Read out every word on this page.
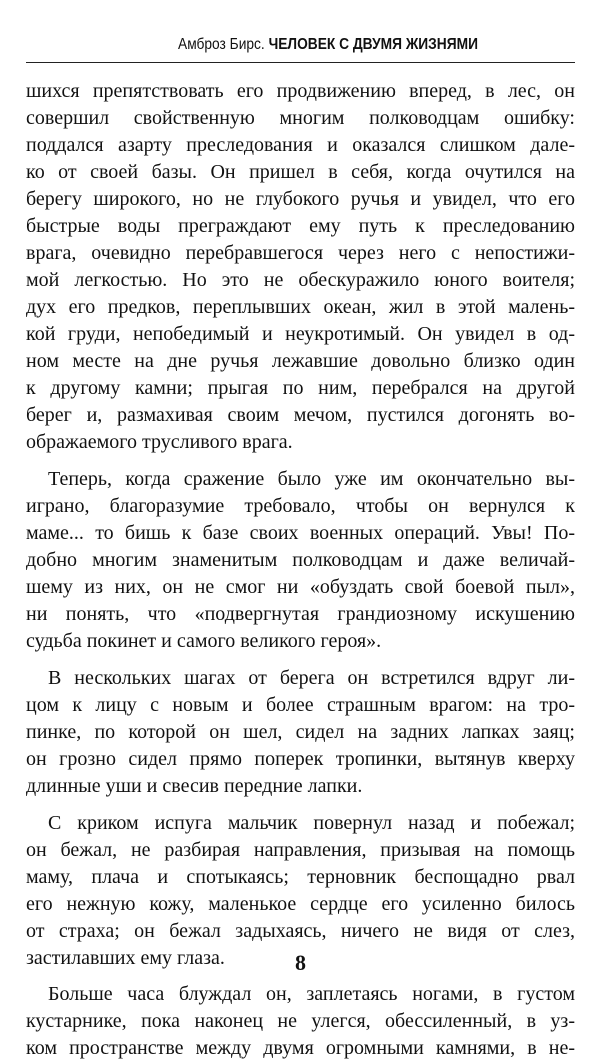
Амброз Бирс. ЧЕЛОВЕК С ДВУМЯ ЖИЗНЯМИ
шихся препятствовать его продвижению вперед, в лес, он
совершил свойственную многим полководцам ошибку:
поддался азарту преследования и оказался слишком дале-
ко от своей базы. Он пришел в себя, когда очутился на
берегу широкого, но не глубокого ручья и увидел, что его
быстрые воды преграждают ему путь к преследованию
врага, очевидно перебравшегося через него с непостижи-
мой легкостью. Но это не обескуражило юного воителя;
дух его предков, переплывших океан, жил в этой малень-
кой груди, непобедимый и неукротимый. Он увидел в од-
ном месте на дне ручья лежавшие довольно близко один
к другому камни; прыгая по ним, перебрался на другой
берег и, размахивая своим мечом, пустился догонять во-
ображаемого трусливого врага.
Теперь, когда сражение было уже им окончательно вы-
играно, благоразумие требовало, чтобы он вернулся к
маме... то бишь к базе своих военных операций. Увы! По-
добно многим знаменитым полководцам и даже величай-
шему из них, он не смог ни «обуздать свой боевой пыл»,
ни понять, что «подвергнутая грандиозному искушению
судьба покинет и самого великого героя».
В нескольких шагах от берега он встретился вдруг ли-
цом к лицу с новым и более страшным врагом: на тро-
пинке, по которой он шел, сидел на задних лапках заяц;
он грозно сидел прямо поперек тропинки, вытянув кверху
длинные уши и свесив передние лапки.
С криком испуга мальчик повернул назад и побежал;
он бежал, не разбирая направления, призывая на помощь
маму, плача и спотыкаясь; терновник беспощадно рвал
его нежную кожу, маленькое сердце его усиленно билось
от страха; он бежал задыхаясь, ничего не видя от слез,
застилавших ему глаза.
Больше часа блуждал он, заплетаясь ногами, в густом
кустарнике, пока наконец не улегся, обессиленный, в уз-
ком пространстве между двумя огромными камнями, в не-
8
